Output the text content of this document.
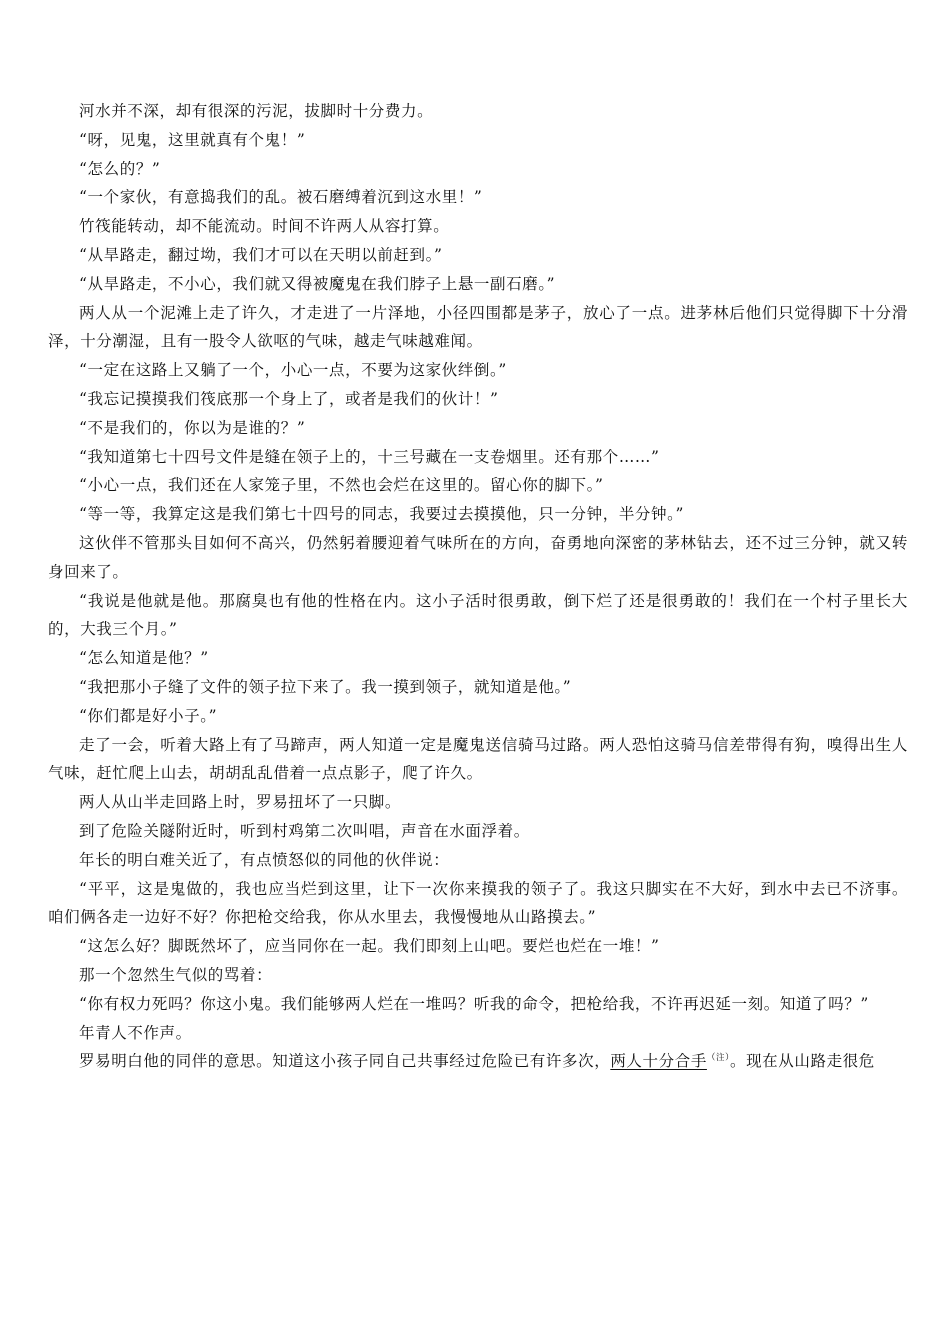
河水并不深，却有很深的污泥，拔脚时十分费力。

“呀，见鬼，这里就真有个鬼！”

“怎么的？”

“一个家伙，有意捣我们的乱。被石磨缚着沉到这水里！”

竹筏能转动，却不能流动。时间不许两人从容打算。

“从旱路走，翻过坳，我们才可以在天明以前赶到。”

“从旱路走，不小心，我们就又得被魔鬼在我们脖子上悬一副石磨。”

两人从一个泥滩上走了许久，才走进了一片泽地，小径四围都是茅子，放心了一点。进茅林后他们只觉得脚下十分滑泽，十分潮湿，且有一股令人欲呕的气味，越走气味越难闻。

“一定在这路上又躺了一个，小心一点，不要为这家伙绊倒。”

“我忘记摸摸我们筏底那一个身上了，或者是我们的伙计！”

“不是我们的，你以为是谁的？”

“我知道第七十四号文件是缝在领子上的，十三号藏在一支卷烟里。还有那个……”

“小心一点，我们还在人家笼子里，不然也会烂在这里的。留心你的脚下。”

“等一等，我算定这是我们第七十四号的同志，我要过去摸摸他，只一分钟，半分钟。”

这伙伴不管那头目如何不高兴，仍然躬着腰迎着气味所在的方向，奋勇地向深密的茅林钻去，还不过三分钟，就又转身回来了。

“我说是他就是他。那腐臭也有他的性格在内。这小子活时很勇敢，倒下烂了还是很勇敢的！我们在一个村子里长大的，大我三个月。”

“怎么知道是他？”

“我把那小子缝了文件的领子拉下来了。我一摸到领子，就知道是他。”

“你们都是好小子。”

走了一会，听着大路上有了马蹄声，两人知道一定是魔鬼送信骑马过路。两人恐怕这骑马信差带得有狗，嗅得出生人气味，赶忙爬上山去，胡胡乱乱借着一点点影子，爬了许久。

两人从山半走回路上时，罗易扭坏了一只脚。

到了危险关隧附近时，听到村鸡第二次叫唱，声音在水面浮着。

年长的明白难关近了，有点愤怒似的同他的伙伴说：

“平平，这是鬼做的，我也应当烂到这里，让下一次你来摸我的领子了。我这只脚实在不大好，到水中去已不济事。咱们俩各走一边好不好？你把枪交给我，你从水里去，我慢慢地从山路摸去。”

“这怎么好？脚既然坏了，应当同你在一起。我们即刻上山吧。要烂也烂在一堆！”

那一个忽然生气似的骂着：

“你有权力死吗？你这小鬼。我们能够两人烂在一堆吗？听我的命令，把枪给我，不许再迟延一刻。知道了吗？”

年青人不作声。

罗易明白他的同伴的意思。知道这小孩子同自己共事经过危险已有许多次，两人十分合手$^{(注)}$。现在从山路走很危
